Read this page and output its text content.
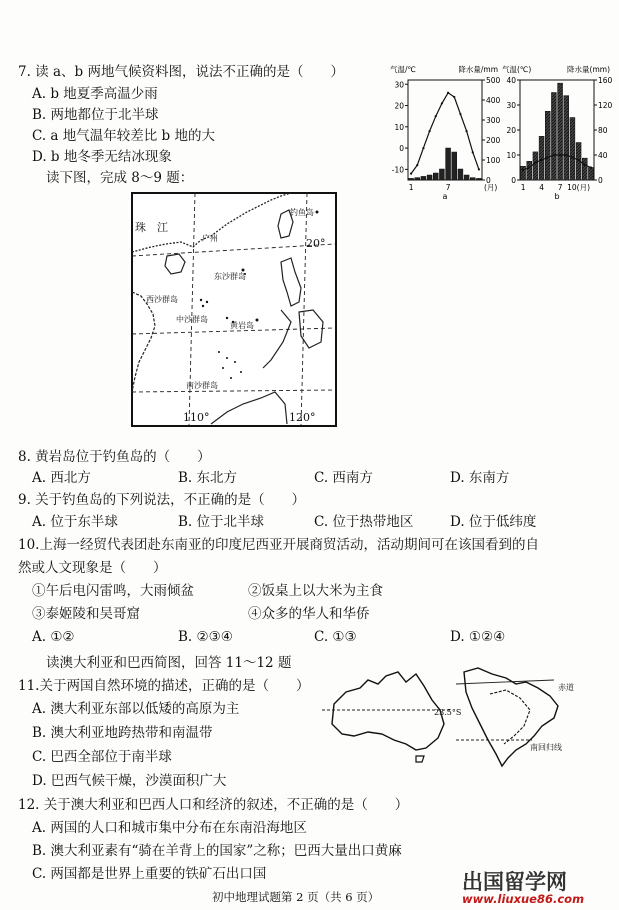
7. 读 a、b 两地气候资料图，说法不正确的是（　　）
A. b 地夏季高温少雨
B. 两地都位于北半球
C. a 地气温年较差比 b 地的大
D. b 地冬季无结冰现象
读下图，完成 8～9 题：
气温/℃	降水量/mm
30
20
10
0
-10
500
400
300
200
100
0
1	7	(月)
a
气温(℃)	降水量(mm)
40
30
20
10
0
160
120
80
40
0
1 4 7 10(月)
b
珠　江
广州
钓鱼岛
20°
东沙群岛
西沙群岛
中沙群岛
黄岩岛
南沙群岛
110°	120°
8. 黄岩岛位于钓鱼岛的（　　）
A. 西北方	B. 东北方	C. 西南方	D. 东南方
9. 关于钓鱼岛的下列说法，不正确的是（　　）
A. 位于东半球	B. 位于北半球	C. 位于热带地区	D. 位于低纬度
10.上海一经贸代表团赴东南亚的印度尼西亚开展商贸活动，活动期间可在该国看到的自
然或人文现象是（　　）
①午后电闪雷鸣，大雨倾盆	②饭桌上以大米为主食
③泰姬陵和吴哥窟	④众多的华人和华侨
A. ①②	B. ②③④	C. ①③	D. ①②④
读澳大利亚和巴西简图，回答 11～12 题
23.5°S
赤道
南回归线
11.关于两国自然环境的描述，正确的是（　　）
A. 澳大利亚东部以低矮的高原为主
B. 澳大利亚地跨热带和南温带
C. 巴西全部位于南半球
D. 巴西气候干燥，沙漠面积广大
12. 关于澳大利亚和巴西人口和经济的叙述，不正确的是（　　）
A. 两国的人口和城市集中分布在东南沿海地区
B. 澳大利亚素有“骑在羊背上的国家”之称；巴西大量出口黄麻
C. 两国都是世界上重要的铁矿石出口国
初中地理试题第 2 页（共 6 页）
出国留学网
www.liuxue86.com
